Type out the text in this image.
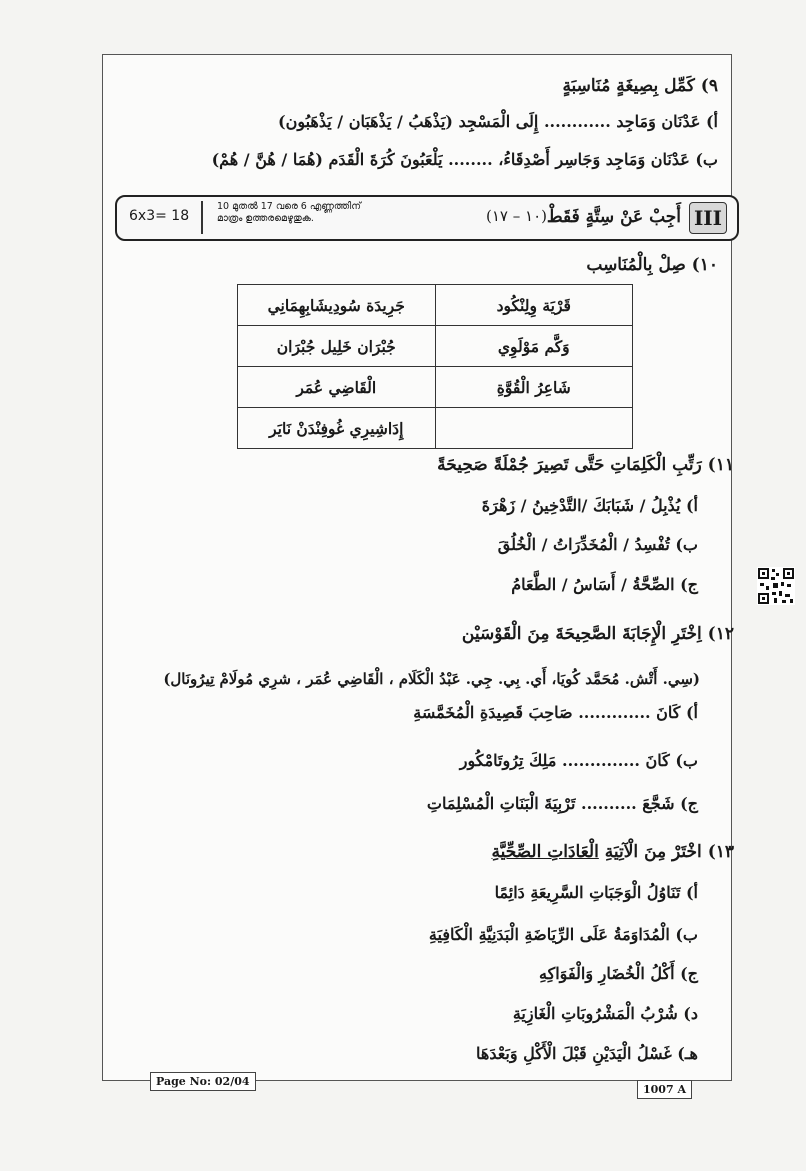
٩) كَمِّل بِصِيغَةٍ مُنَاسِبَةٍ
أ) عَدْنَان وَمَاجِد ............ إِلَى الْمَسْجِد (يَذْهَبُ / يَذْهَبَان / يَذْهَبُون)
ب) عَدْنَان وَمَاجِد وَجَاسِر أَصْدِقَاءُ، ........ يَلْعَبُونَ كُرَةَ الْقَدَم (هُمَا / هُنَّ / هُمْ)
III
أَجِبْ عَنْ سِتَّةٍ فَقَطْ
(١٠ – ١٧)
10 മുതൽ 17 വരെ 6 എണ്ണത്തിന്
മാത്രം ഉത്തരമെഴുതുക.
6x3= 18
١٠) صِلْ بِالْمُنَاسِب
جَرِيدَة سُودِيشَابِهِمَانِي	قَرْيَة وِلِنْكُود
جُبْرَان خَلِيل جُبْرَان	وَكَّم مَوْلَوِي
الْقَاضِي عُمَر	شَاعِرُ الْقُوَّةِ
إِدَاشِيرِي غُوفِنْدَنْ نَايَر	
١١) رَتِّبِ الْكَلِمَاتِ حَتَّى تَصِيرَ جُمْلَةً صَحِيحَةً
أ) يُذْبِلُ / شَبَابَكَ /التَّدْخِينُ / زَهْرَةَ
ب) تُفْسِدُ / الْمُخَدِّرَاتُ / الْخُلُقَ
ج) الصِّحَّةُ / أَسَاسُ / الطَّعَامُ
١٢) اِخْتَرِ الْإِجَابَةَ الصَّحِيحَةَ مِنَ الْقَوْسَيْن
(سِي. أَتْش. مُحَمَّد كُويَا، أَي. بِي. جِي. عَبْدُ الْكَلَام ، الْقَاضِي عُمَر ، شرِي مُولَامْ تِيرُونَال)
أ) كَانَ ............. صَاحِبَ قَصِيدَةِ الْمُخَمَّسَةِ
ب) كَانَ .............. مَلِكَ تِرُوتَامْكُور
ج) شَجَّعَ .......... تَرْبِيَةَ الْبَنَاتِ الْمُسْلِمَاتِ
١٣) اخْتَرْ مِنَ الْآتِيَةِ الْعَادَاتِ الصِّحِّيَّةِ
أ) تَنَاوُلُ الْوَجَبَاتِ السَّرِيعَةِ دَائِمًا
ب) الْمُدَاوَمَةُ عَلَى الرِّيَاضَةِ الْبَدَنِيَّةِ الْكَافِيَةِ
ج) أَكْلُ الْخُضَارِ وَالْفَوَاكِهِ
د) شُرْبُ الْمَشْرُوبَاتِ الْغَازِيَةِ
هـ) غَسْلُ الْيَدَيْنِ قَبْلَ الْأَكْلِ وَبَعْدَهَا
Page No: 02/04
1007 A
